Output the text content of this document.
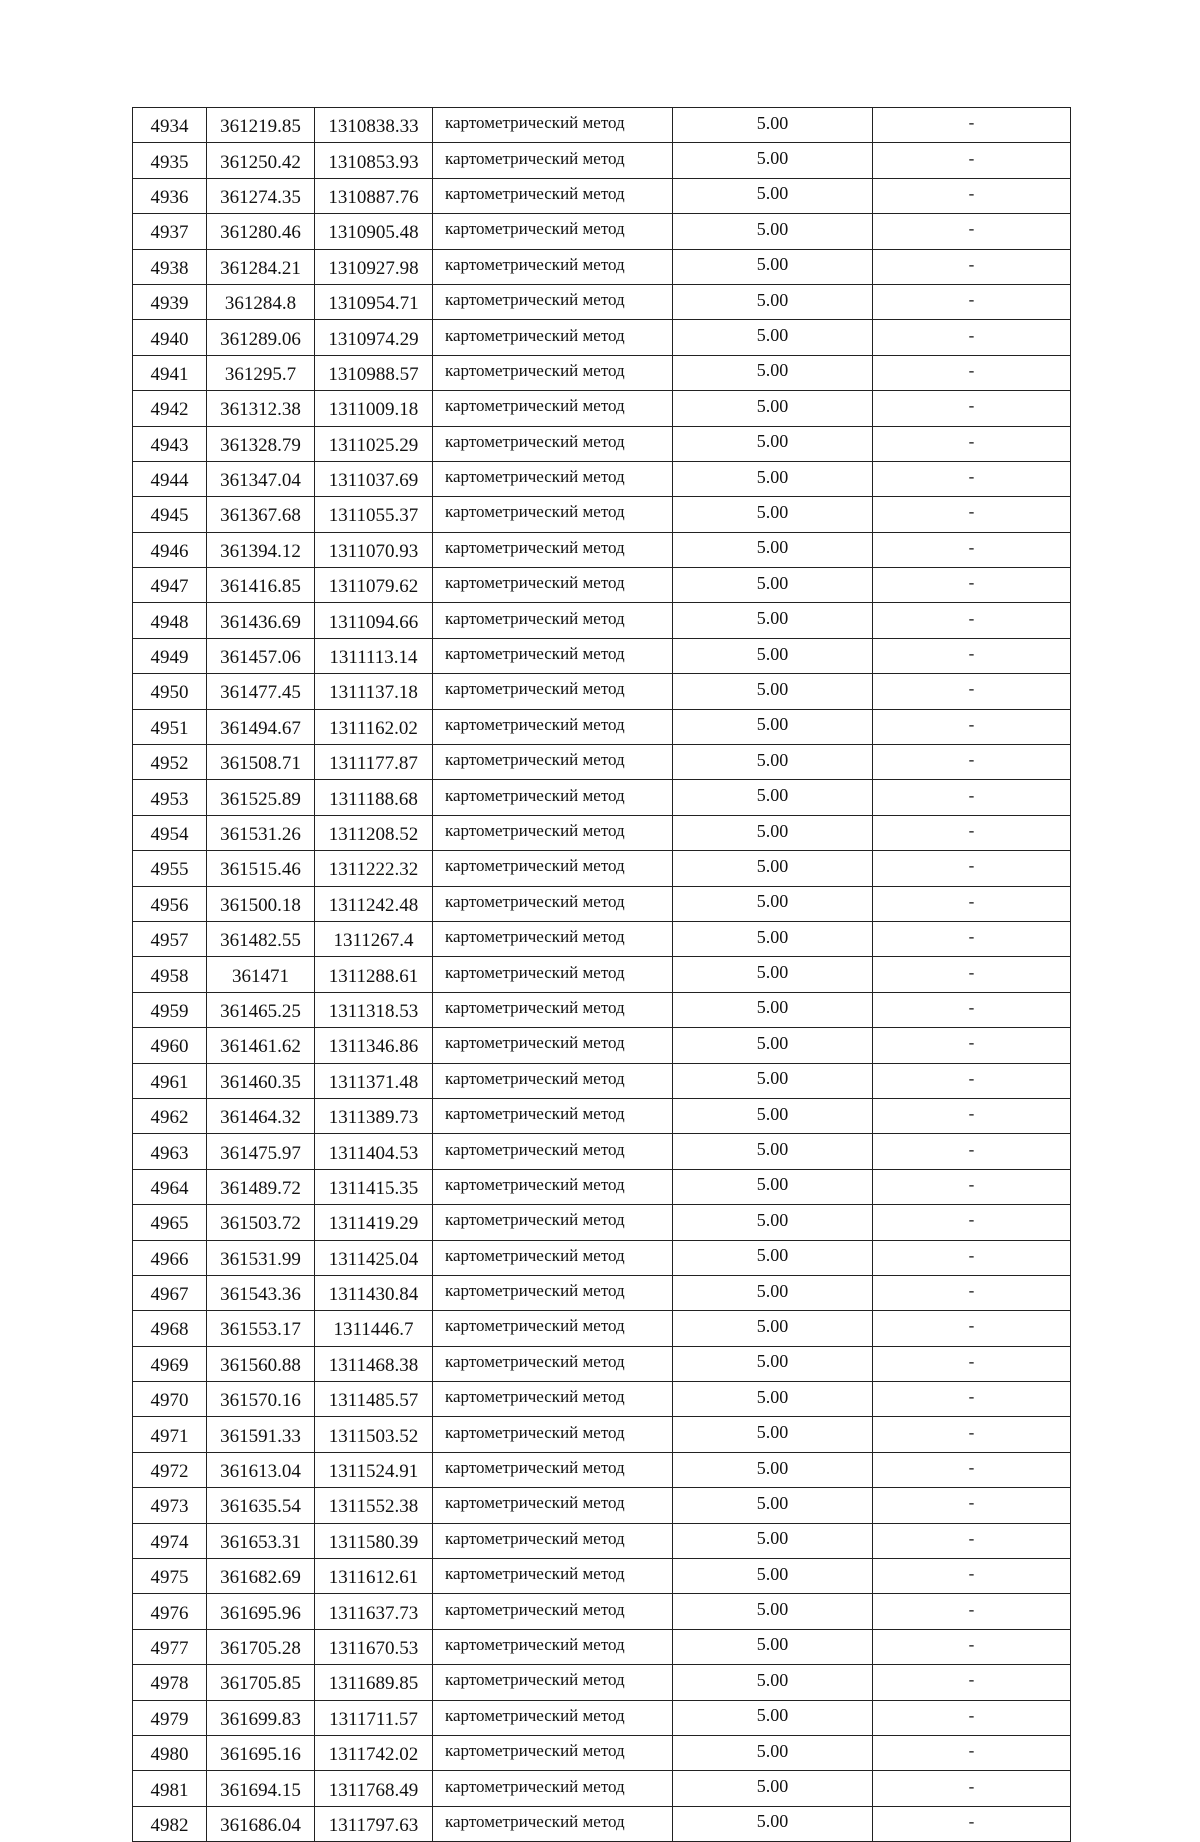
4934	361219.85	1310838.33	картометрический метод	5.00	-
4935	361250.42	1310853.93	картометрический метод	5.00	-
4936	361274.35	1310887.76	картометрический метод	5.00	-
4937	361280.46	1310905.48	картометрический метод	5.00	-
4938	361284.21	1310927.98	картометрический метод	5.00	-
4939	361284.8	1310954.71	картометрический метод	5.00	-
4940	361289.06	1310974.29	картометрический метод	5.00	-
4941	361295.7	1310988.57	картометрический метод	5.00	-
4942	361312.38	1311009.18	картометрический метод	5.00	-
4943	361328.79	1311025.29	картометрический метод	5.00	-
4944	361347.04	1311037.69	картометрический метод	5.00	-
4945	361367.68	1311055.37	картометрический метод	5.00	-
4946	361394.12	1311070.93	картометрический метод	5.00	-
4947	361416.85	1311079.62	картометрический метод	5.00	-
4948	361436.69	1311094.66	картометрический метод	5.00	-
4949	361457.06	1311113.14	картометрический метод	5.00	-
4950	361477.45	1311137.18	картометрический метод	5.00	-
4951	361494.67	1311162.02	картометрический метод	5.00	-
4952	361508.71	1311177.87	картометрический метод	5.00	-
4953	361525.89	1311188.68	картометрический метод	5.00	-
4954	361531.26	1311208.52	картометрический метод	5.00	-
4955	361515.46	1311222.32	картометрический метод	5.00	-
4956	361500.18	1311242.48	картометрический метод	5.00	-
4957	361482.55	1311267.4	картометрический метод	5.00	-
4958	361471	1311288.61	картометрический метод	5.00	-
4959	361465.25	1311318.53	картометрический метод	5.00	-
4960	361461.62	1311346.86	картометрический метод	5.00	-
4961	361460.35	1311371.48	картометрический метод	5.00	-
4962	361464.32	1311389.73	картометрический метод	5.00	-
4963	361475.97	1311404.53	картометрический метод	5.00	-
4964	361489.72	1311415.35	картометрический метод	5.00	-
4965	361503.72	1311419.29	картометрический метод	5.00	-
4966	361531.99	1311425.04	картометрический метод	5.00	-
4967	361543.36	1311430.84	картометрический метод	5.00	-
4968	361553.17	1311446.7	картометрический метод	5.00	-
4969	361560.88	1311468.38	картометрический метод	5.00	-
4970	361570.16	1311485.57	картометрический метод	5.00	-
4971	361591.33	1311503.52	картометрический метод	5.00	-
4972	361613.04	1311524.91	картометрический метод	5.00	-
4973	361635.54	1311552.38	картометрический метод	5.00	-
4974	361653.31	1311580.39	картометрический метод	5.00	-
4975	361682.69	1311612.61	картометрический метод	5.00	-
4976	361695.96	1311637.73	картометрический метод	5.00	-
4977	361705.28	1311670.53	картометрический метод	5.00	-
4978	361705.85	1311689.85	картометрический метод	5.00	-
4979	361699.83	1311711.57	картометрический метод	5.00	-
4980	361695.16	1311742.02	картометрический метод	5.00	-
4981	361694.15	1311768.49	картометрический метод	5.00	-
4982	361686.04	1311797.63	картометрический метод	5.00	-
